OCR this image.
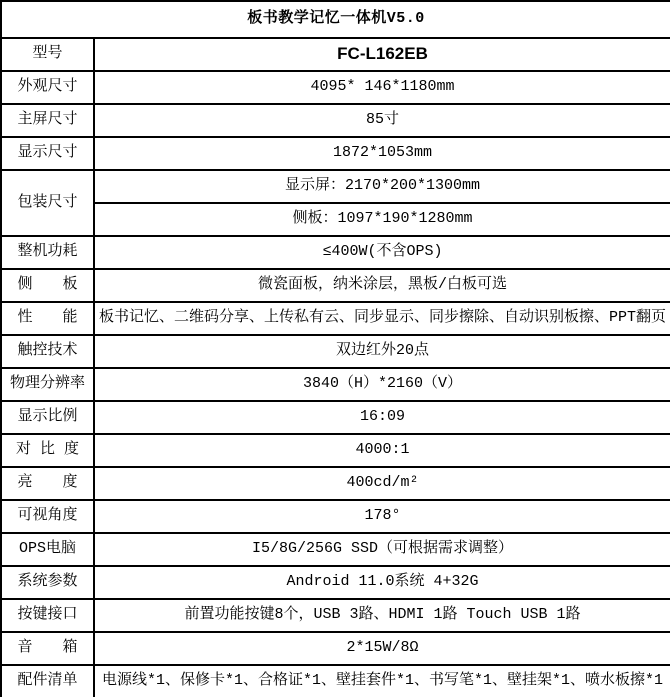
板书教学记忆一体机V5.0	
型号	FC-L162EB
外观尺寸	4095* 146*1180mm
主屏尺寸	85寸
显示尺寸	1872*1053mm
包装尺寸	显示屏：2170*200*1300mm
	侧板：1097*190*1280mm
整机功耗	≤400W(不含OPS)
侧　　板	微瓷面板，纳米涂层，黑板/白板可选
性　　能	板书记忆、二维码分享、上传私有云、同步显示、同步擦除、自动识别板擦、PPT翻页
触控技术	双边红外20点
物理分辨率	3840（H）*2160（V）
显示比例	16:09
对 比 度	4000:1
亮　　度	400cd/m²
可视角度	178°
OPS电脑	I5/8G/256G SSD（可根据需求调整）
系统参数	Android 11.0系统 4+32G
按键接口	前置功能按键8个，USB 3路、HDMI 1路 Touch USB 1路
音　　箱	2*15W/8Ω
配件清单	电源线*1、保修卡*1、合格证*1、壁挂套件*1、书写笔*1、壁挂架*1、喷水板擦*1
